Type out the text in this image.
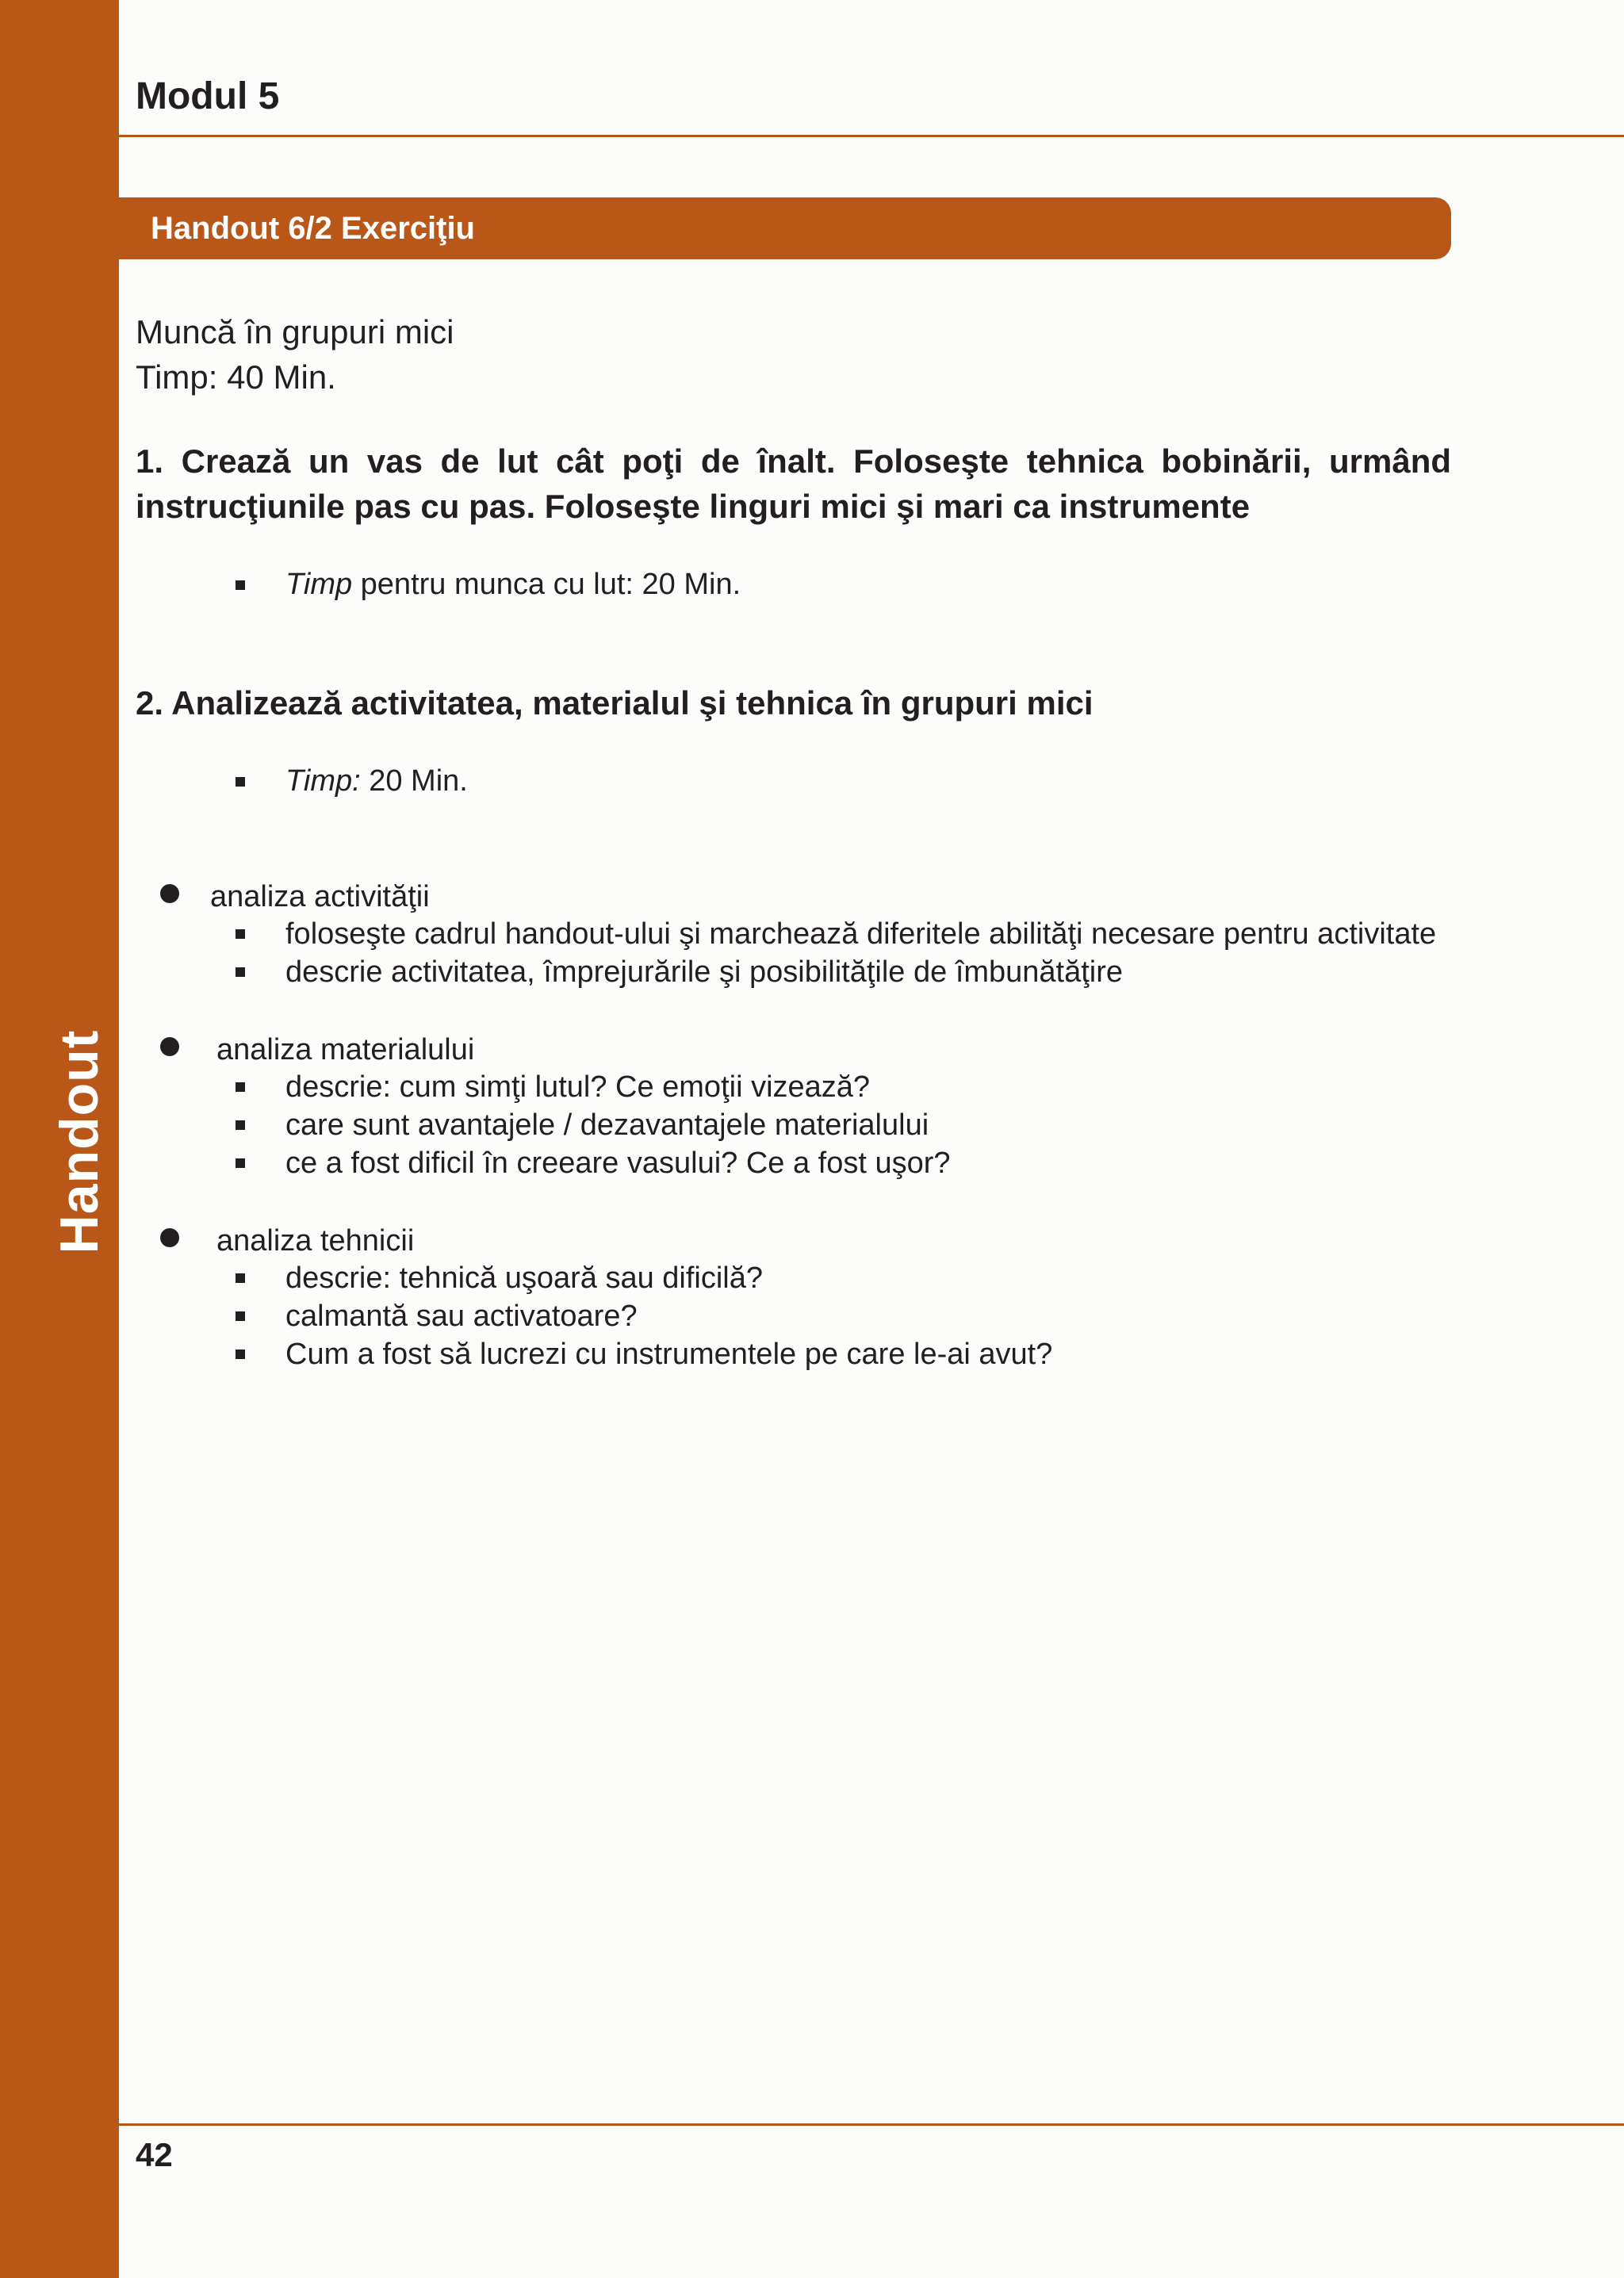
Handout
Modul 5
Handout 6/2 Exerciţiu
Muncă în grupuri mici
Timp: 40 Min.
1. Crează un vas de lut cât poţi de înalt. Foloseşte tehnica bobinării, urmând instrucţiunile pas cu pas. Foloseşte linguri mici şi mari ca instrumente
Timp pentru munca cu lut: 20 Min.
2. Analizează activitatea, materialul şi tehnica în grupuri mici
Timp: 20 Min.
analiza activităţii
foloseşte cadrul handout-ului şi marchează diferitele abilităţi necesare pentru activitate
descrie activitatea, împrejurările şi posibilităţile de îmbunătăţire
analiza materialului
descrie: cum simţi lutul? Ce emoţii vizează?
care sunt avantajele / dezavantajele materialului
ce a fost dificil în creeare vasului? Ce a fost uşor?
analiza tehnicii
descrie: tehnică uşoară sau dificilă?
calmantă sau activatoare?
Cum a fost să lucrezi cu instrumentele pe care le-ai avut?
42
